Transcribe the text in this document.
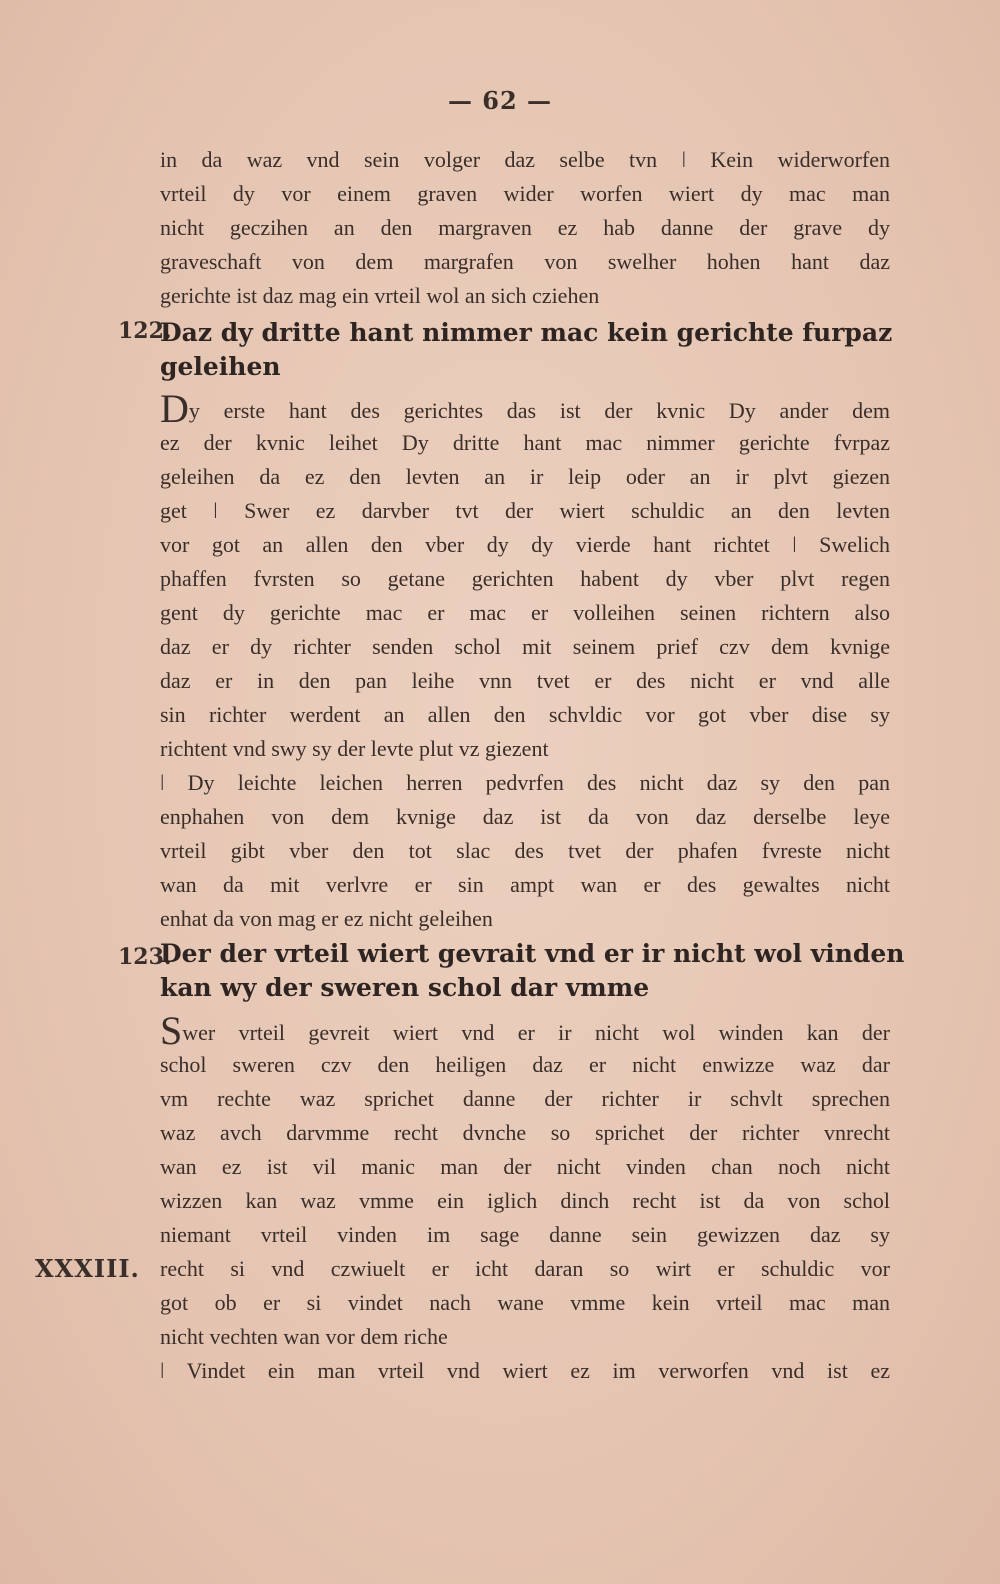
— 62 —
in da waz vnd sein volger daz selbe tvn ǀ Kein widerworfen
vrteil dy vor einem graven wider worfen wiert dy mac man
nicht geczihen an den margraven ez hab danne der grave dy
graveschaft von dem margrafen von swelher hohen hant daz
gerichte ist daz mag ein vrteil wol an sich cziehen
122.
Daz dy dritte hant nimmer mac kein gerichte furpaz
geleihen
Dy erste hant des gerichtes das ist der kvnic Dy ander dem
ez der kvnic leihet Dy dritte hant mac nimmer gerichte fvrpaz
geleihen da ez den levten an ir leip oder an ir plvt giezen
get ǀ Swer ez darvber tvt der wiert schuldic an den levten
vor got an allen den vber dy dy vierde hant richtet ǀ Swelich
phaffen fvrsten so getane gerichten habent dy vber plvt regen
gent dy gerichte mac er mac er volleihen seinen richtern also
daz er dy richter senden schol mit seinem prief czv dem kvnige
daz er in den pan leihe vnn tvet er des nicht er vnd alle
sin richter werdent an allen den schvldic vor got vber dise sy
richtent vnd swy sy der levte plut vz giezent
ǀ Dy leichte leichen herren pedvrfen des nicht daz sy den pan
enphahen von dem kvnige daz ist da von daz derselbe leye
vrteil gibt vber den tot slac des tvet der phafen fvreste nicht
wan da mit verlvre er sin ampt wan er des gewaltes nicht
enhat da von mag er ez nicht geleihen
123.
Der der vrteil wiert gevrait vnd er ir nicht wol vinden
kan wy der sweren schol dar vmme
Swer vrteil gevreit wiert vnd er ir nicht wol winden kan der
schol sweren czv den heiligen daz er nicht enwizze waz dar
vm rechte waz sprichet danne der richter ir schvlt sprechen
waz avch darvmme recht dvnche so sprichet der richter vnrecht
wan ez ist vil manic man der nicht vinden chan noch nicht
wizzen kan waz vmme ein iglich dinch recht ist da von schol
niemant vrteil vinden im sage danne sein gewizzen daz sy
recht si vnd czwiuelt er icht daran so wirt er schuldic vor
got ob er si vindet nach wane vmme kein vrteil mac man
nicht vechten wan vor dem riche
ǀ Vindet ein man vrteil vnd wiert ez im verworfen vnd ist ez
XXXIII.
